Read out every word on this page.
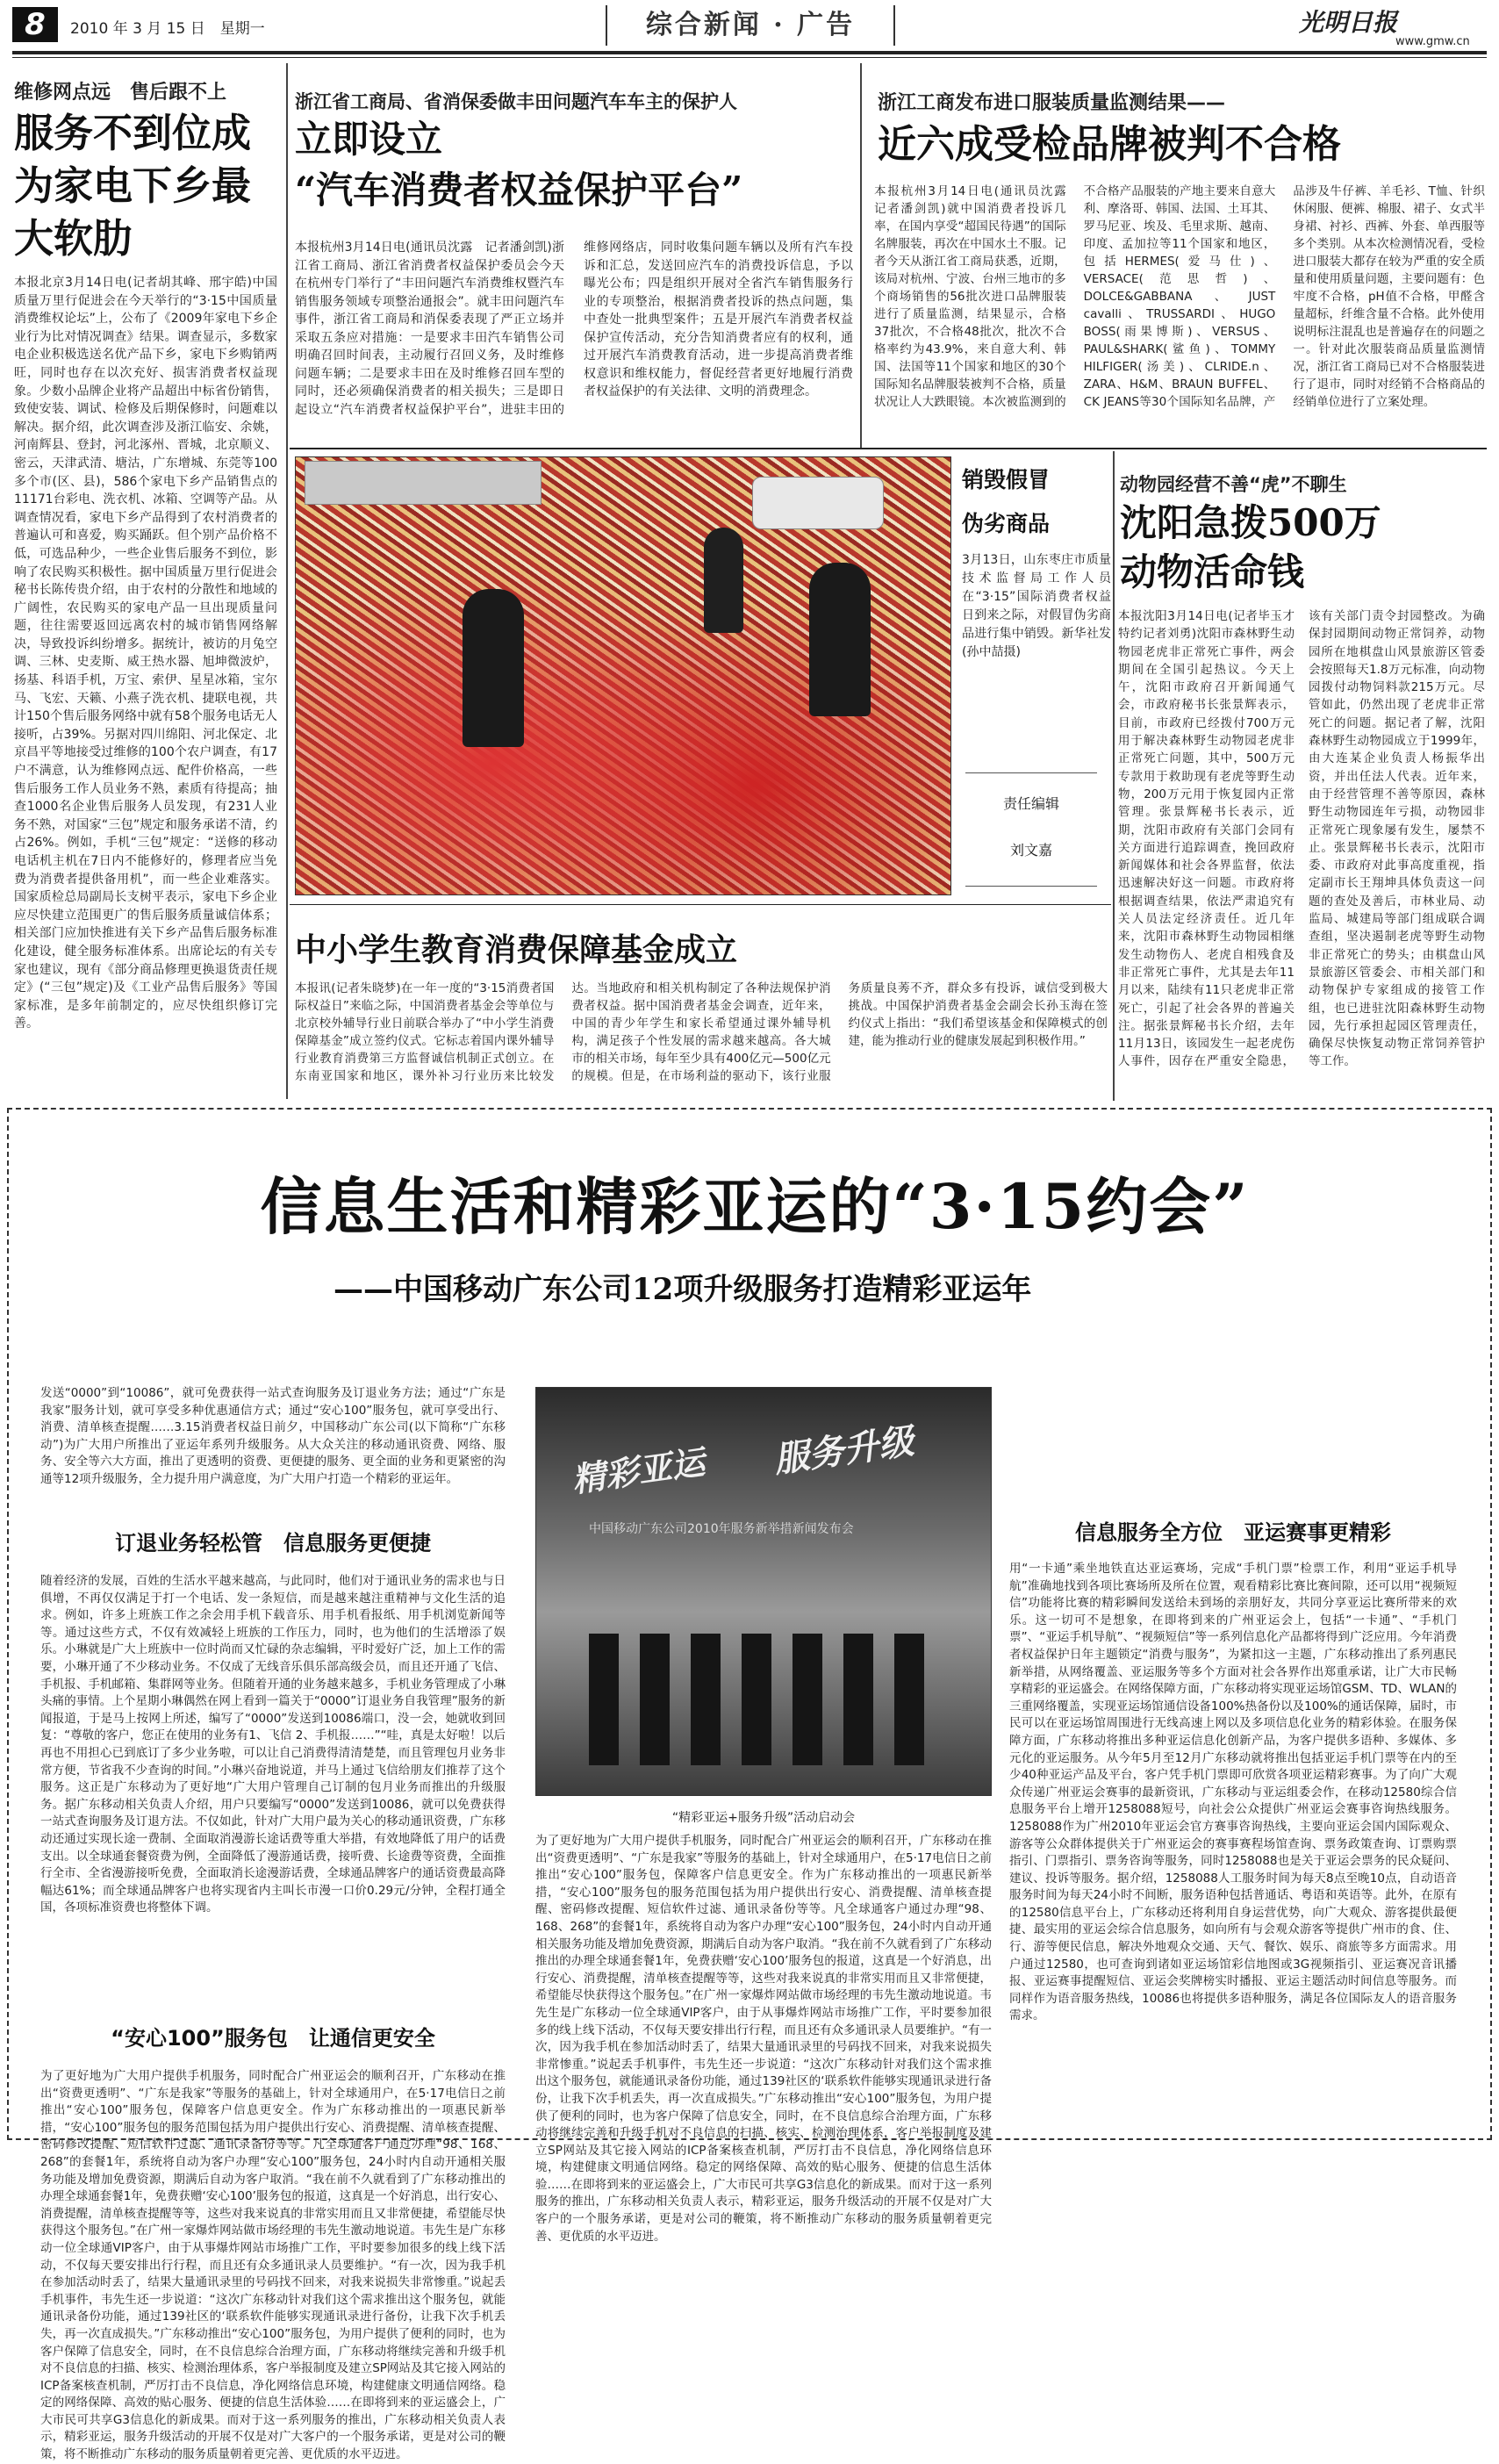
8	2010 年 3 月 15 日　星期一	综合新闻 · 广告	光明日报
www.gmw.cn
维修网点远　售后跟不上
服务不到位成为家电下乡最大软肋
本报北京3月14日电(记者胡其峰、邢宇皓)中国质量万里行促进会在今天举行的“3·15中国质量消费维权论坛”上，公布了《2009年家电下乡企业行为比对情况调查》结果。调查显示，多数家电企业积极选送名优产品下乡，家电下乡购销两旺，同时也存在以次充好、损害消费者权益现象。少数小品牌企业将产品超出中标省份销售，致使安装、调试、检修及后期保修时，问题难以解决。据介绍，此次调查涉及浙江临安、余姚，河南辉县、登封，河北涿州、晋城，北京顺义、密云，天津武清、塘沽，广东增城、东莞等100多个市(区、县)，586个家电下乡产品销售点的11171台彩电、洗衣机、冰箱、空调等产品。从调查情况看，家电下乡产品得到了农村消费者的普遍认可和喜爱，购买踊跃。但个别产品价格不低，可选品种少，一些企业售后服务不到位，影响了农民购买积极性。据中国质量万里行促进会秘书长陈传贵介绍，由于农村的分散性和地域的广阔性，农民购买的家电产品一旦出现质量问题，往往需要返回远离农村的城市销售网络解决，导致投诉纠纷增多。据统计，被访的月兔空调、三林、史麦斯、威王热水器、旭坤微波炉，扬基、科语手机，万宝、索伊、星星冰箱，宝尔马、飞宏、天籁、小燕子洗衣机、捷联电视，共计150个售后服务网络中就有58个服务电话无人接听，占39%。另据对四川绵阳、河北保定、北京昌平等地接受过维修的100个农户调查，有17户不满意，认为维修网点远、配件价格高，一些售后服务工作人员业务不熟，素质有待提高；抽查1000名企业售后服务人员发现，有231人业务不熟，对国家“三包”规定和服务承诺不清，约占26%。例如，手机“三包”规定：“送修的移动电话机主机在7日内不能修好的，修理者应当免费为消费者提供备用机”，而一些企业难落实。国家质检总局副局长支树平表示，家电下乡企业应尽快建立范围更广的售后服务质量诚信体系；相关部门应加快推进有关下乡产品售后服务标准化建设，健全服务标准体系。出席论坛的有关专家也建议，现有《部分商品修理更换退货责任规定》(“三包”规定)及《工业产品售后服务》等国家标准，是多年前制定的，应尽快组织修订完善。
浙江省工商局、省消保委做丰田问题汽车车主的保护人
立即设立
“汽车消费者权益保护平台”
本报杭州3月14日电(通讯员沈露　记者潘剑凯)浙江省工商局、浙江省消费者权益保护委员会今天在杭州专门举行了“丰田问题汽车消费维权暨汽车销售服务领域专项整治通报会”。就丰田问题汽车事件，浙江省工商局和消保委表现了严正立场并采取五条应对措施：一是要求丰田汽车销售公司明确召回时间表，主动履行召回义务，及时维修问题车辆；二是要求丰田在及时维修召回车型的同时，还必须确保消费者的相关损失；三是即日起设立“汽车消费者权益保护平台”，进驻丰田的维修网络店，同时收集问题车辆以及所有汽车投诉和汇总，发送回应汽车的消费投诉信息，予以曝光公布；四是组织开展对全省汽车销售服务行业的专项整治，根据消费者投诉的热点问题，集中查处一批典型案件；五是开展汽车消费者权益保护宣传活动，充分告知消费者应有的权利，通过开展汽车消费教育活动，进一步提高消费者维权意识和维权能力，督促经营者更好地履行消费者权益保护的有关法律、文明的消费理念。
浙江工商发布进口服装质量监测结果——
近六成受检品牌被判不合格
本报杭州3月14日电(通讯员沈露　记者潘剑凯)就中国消费者投诉几率，在国内享受“超国民待遇”的国际名牌服装，再次在中国水土不服。记者今天从浙江省工商局获悉，近期，该局对杭州、宁波、台州三地市的多个商场销售的56批次进口品牌服装进行了质量监测，结果显示，合格37批次，不合格48批次，批次不合格率约为43.9%，来自意大利、韩国、法国等11个国家和地区的30个国际知名品牌服装被判不合格，质量状况让人大跌眼镜。本次被监测到的不合格产品服装的产地主要来自意大利、摩洛哥、韩国、法国、土耳其、罗马尼亚、埃及、毛里求斯、越南、印度、孟加拉等11个国家和地区，包括HERMES(爱马仕)、VERSACE(范思哲)、DOLCE&GABBANA、JUST cavalli、TRUSSARDI、HUGO BOSS(雨果博斯)、VERSUS、PAUL&SHARK(鲨鱼)、TOMMY HILFIGER(汤美)、CLRIDE.n、ZARA、H&M、BRAUN BUFFEL、CK JEANS等30个国际知名品牌，产品涉及牛仔裤、羊毛衫、T恤、针织休闲服、便裤、棉服、裙子、女式半身裙、衬衫、西裤、外套、单西服等多个类别。从本次检测情况看，受检进口服装大都存在较为严重的安全质量和使用质量问题，主要问题有：色牢度不合格，pH值不合格，甲醛含量超标，纤维含量不合格。此外使用说明标注混乱也是普遍存在的问题之一。针对此次服装商品质量监测情况，浙江省工商局已对不合格服装进行了退市，同时对经销不合格商品的经销单位进行了立案处理。
销毁假冒
伪劣商品
3月13日，山东枣庄市质量技术监督局工作人员在“3·15”国际消费者权益日到来之际，对假冒伪劣商品进行集中销毁。新华社发(孙中喆摄)
责任编辑
刘文嘉
动物园经营不善“虎”不聊生
沈阳急拨500万
动物活命钱
本报沈阳3月14日电(记者毕玉才　特约记者刘勇)沈阳市森林野生动物园老虎非正常死亡事件，两会期间在全国引起热议。今天上午，沈阳市政府召开新闻通气会，市政府秘书长张景辉表示，目前，市政府已经拨付700万元用于解决森林野生动物园老虎非正常死亡问题，其中，500万元专款用于救助现有老虎等野生动物，200万元用于恢复园内正常管理。张景辉秘书长表示，近期，沈阳市政府有关部门会同有关方面进行追踪调查，挽回政府新闻媒体和社会各界监督，依法迅速解决好这一问题。市政府将根据调查结果，依法严肃追究有关人员法定经济责任。近几年来，沈阳市森林野生动物园相继发生动物伤人、老虎自相残食及非正常死亡事件，尤其是去年11月以来，陆续有11只老虎非正常死亡，引起了社会各界的普遍关注。据张景辉秘书长介绍，去年11月13日，该园发生一起老虎伤人事件，因存在严重安全隐患，该有关部门责令封园整改。为确保封园期间动物正常饲养，动物园所在地棋盘山风景旅游区管委会按照每天1.8万元标准，向动物园拨付动物饲料款215万元。尽管如此，仍然出现了老虎非正常死亡的问题。据记者了解，沈阳森林野生动物园成立于1999年，由大连某企业负责人杨振华出资，并出任法人代表。近年来，由于经营管理不善等原因，森林野生动物园连年亏损，动物园非正常死亡现象屡有发生，屡禁不止。张景辉秘书长表示，沈阳市委、市政府对此事高度重视，指定副市长王翔坤具体负责这一问题的查处及善后，市林业局、动监局、城建局等部门组成联合调查组，坚决遏制老虎等野生动物非正常死亡的势头；由棋盘山风景旅游区管委会、市相关部门和动物保护专家组成的接管工作组，也已进驻沈阳森林野生动物园，先行承担起园区管理责任，确保尽快恢复动物正常饲养管护等工作。
中小学生教育消费保障基金成立
本报讯(记者朱晓梦)在一年一度的“3·15消费者国际权益日”来临之际，中国消费者基金会等单位与北京校外辅导行业日前联合举办了“中小学生消费保障基金”成立签约仪式。它标志着国内课外辅导行业教育消费第三方监督诚信机制正式创立。在东南亚国家和地区，课外补习行业历来比较发达。当地政府和相关机构制定了各种法规保护消费者权益。据中国消费者基金会调查，近年来，中国的青少年学生和家长希望通过课外辅导机构，满足孩子个性发展的需求越来越高。各大城市的相关市场，每年至少具有400亿元—500亿元的规模。但是，在市场利益的驱动下，该行业服务质量良莠不齐，群众多有投诉，诚信受到极大挑战。中国保护消费者基金会副会长孙玉海在签约仪式上指出：“我们希望该基金和保障模式的创建，能为推动行业的健康发展起到积极作用。”
信息生活和精彩亚运的“3·15约会”
——中国移动广东公司12项升级服务打造精彩亚运年
发送“0000”到“10086”，就可免费获得一站式查询服务及订退业务方法；通过“广东是我家”服务计划，就可享受多种优惠通信方式；通过“安心100”服务包，就可享受出行、消费、清单核查提醒……3.15消费者权益日前夕，中国移动广东公司(以下简称“广东移动”)为广大用户所推出了亚运年系列升级服务。从大众关注的移动通讯资费、网络、服务、安全等六大方面，推出了更透明的资费、更便捷的服务、更全面的业务和更紧密的沟通等12项升级服务，全力提升用户满意度，为广大用户打造一个精彩的亚运年。
订退业务轻松管　信息服务更便捷
随着经济的发展，百姓的生活水平越来越高，与此同时，他们对于通讯业务的需求也与日俱增，不再仅仅满足于打一个电话、发一条短信，而是越来越注重精神与文化生活的追求。例如，许多上班族工作之余会用手机下载音乐、用手机看报纸、用手机浏览新闻等等。通过这些方式，不仅有效减轻上班族的工作压力，同时，也为他们的生活增添了娱乐。小琳就是广大上班族中一位时尚而又忙碌的杂志编辑，平时爱好广泛，加上工作的需要，小琳开通了不少移动业务。不仅成了无线音乐俱乐部高级会员，而且还开通了飞信、手机报、手机邮箱、集群网等业务。但随着开通的业务越来越多，手机业务管理成了小琳头痛的事情。上个星期小琳偶然在网上看到一篇关于“0000”订退业务自我管理”服务的新闻报道，于是马上按网上所述，编写了“0000”发送到10086端口，没一会，她就收到回复：“尊敬的客户，您正在使用的业务有1、飞信 2、手机报……”“哇，真是太好啦！以后再也不用担心已到底订了多少业务啦，可以让自己消费得清清楚楚，而且管理包月业务非常方便，节省我不少查询的时间。”小琳兴奋地说道，并马上通过飞信给朋友们推荐了这个服务。这正是广东移动为了更好地“广大用户管理自己订制的包月业务而推出的升级服务。据广东移动相关负责人介绍，用户只要编写“0000”发送到10086，就可以免费获得一站式查询服务及订退方法。不仅如此，针对广大用户最为关心的移动通讯资费，广东移动还通过实现长途一费制、全面取消漫游长途话费等重大举措，有效地降低了用户的话费支出。以全球通套餐资费为例，全面降低了漫游通话费，接听费、长途费等资费，全面推行全市、全省漫游接听免费，全面取消长途漫游话费，全球通品牌客户的通话资费最高降幅达61%；而全球通品牌客户也将实现省内主叫长市漫一口价0.29元/分钟，全程打通全国，各项标准资费也将整体下调。
“安心100”服务包　让通信更安全
为了更好地为广大用户提供手机服务，同时配合广州亚运会的顺利召开，广东移动在推出“资费更透明”、“广东是我家”等服务的基础上，针对全球通用户，在5·17电信日之前推出“安心100”服务包，保障客户信息更安全。作为广东移动推出的一项惠民新举措，“安心100”服务包的服务范围包括为用户提供出行安心、消费提醒、清单核查提醒、密码修改提醒、短信软件过滤、通讯录备份等等。凡全球通客户通过办理“98、168、268”的套餐1年，系统将自动为客户办理“安心100”服务包，24小时内自动开通相关服务功能及增加免费资源，期满后自动为客户取消。“我在前不久就看到了广东移动推出的办理全球通套餐1年，免费获赠‘安心100’服务包的报道，这真是一个好消息，出行安心、消费提醒，清单核查提醒等等，这些对我来说真的非常实用而且又非常便捷，希望能尽快获得这个服务包。”在广州一家爆炸网站做市场经理的韦先生激动地说道。韦先生是广东移动一位全球通VIP客户，由于从事爆炸网站市场推广工作，平时要参加很多的线上线下活动，不仅每天要安排出行行程，而且还有众多通讯录人员要维护。“有一次，因为我手机在参加活动时丢了，结果大量通讯录里的号码找不回来，对我来说损失非常惨重。”说起丢手机事件，韦先生还一步说道：“这次广东移动针对我们这个需求推出这个服务包，就能通讯录备份功能，通过139社区的‘联系软件能够实现通讯录进行备份，让我下次手机丢失，再一次直成损失。”广东移动推出“安心100”服务包，为用户提供了便利的同时，也为客户保障了信息安全，同时，在不良信息综合治理方面，广东移动将继续完善和升级手机对不良信息的扫描、核实、检测治理体系，客户举报制度及建立SP网站及其它接入网站的ICP备案核查机制，严厉打击不良信息，净化网络信息环境，构建健康文明通信网络。稳定的网络保障、高效的贴心服务、便捷的信息生活体验……在即将到来的亚运盛会上，广大市民可共享G3信息化的新成果。而对于这一系列服务的推出，广东移动相关负责人表示，精彩亚运，服务升级活动的开展不仅是对广大客户的一个服务承诺，更是对公司的鞭策，将不断推动广东移动的服务质量朝着更完善、更优质的水平迈进。
精彩亚运 服务升级
中国移动广东公司2010年服务新举措新闻发布会
“精彩亚运+服务升级”活动启动会
为了更好地为广大用户提供手机服务，同时配合广州亚运会的顺利召开，广东移动在推出“资费更透明”、“广东是我家”等服务的基础上，针对全球通用户，在5·17电信日之前推出“安心100”服务包，保障客户信息更安全。作为广东移动推出的一项惠民新举措，“安心100”服务包的服务范围包括为用户提供出行安心、消费提醒、清单核查提醒、密码修改提醒、短信软件过滤、通讯录备份等等。凡全球通客户通过办理“98、168、268”的套餐1年，系统将自动为客户办理“安心100”服务包，24小时内自动开通相关服务功能及增加免费资源，期满后自动为客户取消。“我在前不久就看到了广东移动推出的办理全球通套餐1年，免费获赠‘安心100’服务包的报道，这真是一个好消息，出行安心、消费提醒，清单核查提醒等等，这些对我来说真的非常实用而且又非常便捷，希望能尽快获得这个服务包。”在广州一家爆炸网站做市场经理的韦先生激动地说道。韦先生是广东移动一位全球通VIP客户，由于从事爆炸网站市场推广工作，平时要参加很多的线上线下活动，不仅每天要安排出行行程，而且还有众多通讯录人员要维护。“有一次，因为我手机在参加活动时丢了，结果大量通讯录里的号码找不回来，对我来说损失非常惨重。”说起丢手机事件，韦先生还一步说道：“这次广东移动针对我们这个需求推出这个服务包，就能通讯录备份功能，通过139社区的‘联系软件能够实现通讯录进行备份，让我下次手机丢失，再一次直成损失。”广东移动推出“安心100”服务包，为用户提供了便利的同时，也为客户保障了信息安全，同时，在不良信息综合治理方面，广东移动将继续完善和升级手机对不良信息的扫描、核实、检测治理体系，客户举报制度及建立SP网站及其它接入网站的ICP备案核查机制，严厉打击不良信息，净化网络信息环境，构建健康文明通信网络。稳定的网络保障、高效的贴心服务、便捷的信息生活体验……在即将到来的亚运盛会上，广大市民可共享G3信息化的新成果。而对于这一系列服务的推出，广东移动相关负责人表示，精彩亚运，服务升级活动的开展不仅是对广大客户的一个服务承诺，更是对公司的鞭策，将不断推动广东移动的服务质量朝着更完善、更优质的水平迈进。
信息服务全方位　亚运赛事更精彩
用“一卡通”乘坐地铁直达亚运赛场，完成“手机门票”检票工作，利用“亚运手机导航”准确地找到各项比赛场所及所在位置，观看精彩比赛比赛间隙，还可以用“视频短信”功能将比赛的精彩瞬间发送给未到场的亲朋好友，共同分享亚运比赛所带来的欢乐。这一切可不是想象，在即将到来的广州亚运会上，包括“一卡通”、“手机门票”、“亚运手机导航”、“视频短信”等一系列信息化产品都将得到广泛应用。今年消费者权益保护日年主题锁定“消费与服务”，为紧扣这一主题，广东移动推出了系列惠民新举措，从网络覆盖、亚运服务等多个方面对社会各界作出郑重承诺，让广大市民畅享精彩的亚运盛会。在网络保障方面，广东移动将实现亚运场馆GSM、TD、WLAN的三重网络覆盖，实现亚运场馆通信设备100%热备份以及100%的通话保障，届时，市民可以在亚运场馆周围进行无线高速上网以及多项信息化业务的精彩体验。在服务保障方面，广东移动将推出多种亚运信息化创新产品，为客户提供多语种、多媒体、多元化的亚运服务。从今年5月至12月广东移动就将推出包括亚运手机门票等在内的至少40种亚运产品及平台，客户凭手机门票即可欣赏各项亚运精彩赛事。为了向广大观众传递广州亚运会赛事的最新资讯，广东移动与亚运组委会作，在移动12580综合信息服务平台上增开1258088短号，向社会公众提供广州亚运会赛事咨询热线服务。1258088作为广州2010年亚运会官方赛事咨询热线，主要向亚运会国内国际观众、游客等公众群体提供关于广州亚运会的赛事赛程场馆查询、票务政策查询、订票购票指引、门票指引、票务咨询等服务，同时1258088也是关于亚运会票务的民众疑问、建议、投诉等服务。据介绍，1258088人工服务时间为每天8点至晚10点，自动语音服务时间为每天24小时不间断，服务语种包括普通话、粤语和英语等。此外，在原有的12580信息平台上，广东移动还将利用自身运营优势，向广大观众、游客提供最便捷、最实用的亚运会综合信息服务，如向所有与会观众游客等提供广州市的食、住、行、游等便民信息，解决外地观众交通、天气、餐饮、娱乐、商旅等多方面需求。用户通过12580，也可查询到诸如亚运场馆彩信地图或3G视频指引、亚运赛况音讯播报、亚运赛事提醒短信、亚运会奖牌榜实时播报、亚运主题活动时间信息等服务。而同样作为语音服务热线，10086也将提供多语种服务，满足各位国际友人的语音服务需求。
